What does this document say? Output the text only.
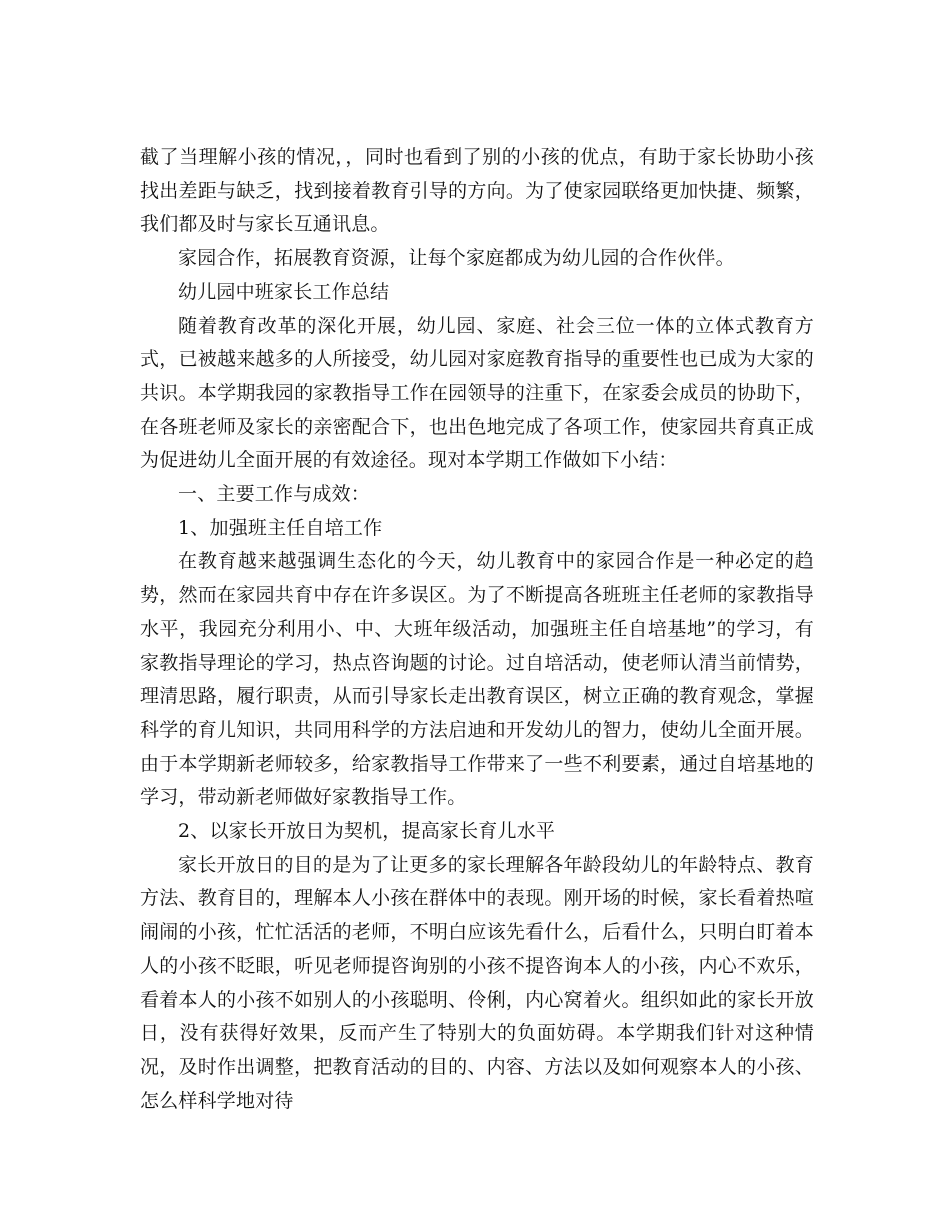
截了当理解小孩的情况，，同时也看到了别的小孩的优点，有助于家长协助小孩找出差距与缺乏，找到接着教育引导的方向。为了使家园联络更加快捷、频繁，我们都及时与家长互通讯息。

家园合作，拓展教育资源，让每个家庭都成为幼儿园的合作伙伴。

幼儿园中班家长工作总结

随着教育改革的深化开展，幼儿园、家庭、社会三位一体的立体式教育方式，已被越来越多的人所接受，幼儿园对家庭教育指导的重要性也已成为大家的共识。本学期我园的家教指导工作在园领导的注重下，在家委会成员的协助下，在各班老师及家长的亲密配合下，也出色地完成了各项工作，使家园共育真正成为促进幼儿全面开展的有效途径。现对本学期工作做如下小结：

一、主要工作与成效：

1、加强班主任自培工作

在教育越来越强调生态化的今天，幼儿教育中的家园合作是一种必定的趋势，然而在家园共育中存在许多误区。为了不断提高各班班主任老师的家教指导水平，我园充分利用小、中、大班年级活动，加强班主任自培基地”的学习，有家教指导理论的学习，热点咨询题的讨论。过自培活动，使老师认清当前情势，理清思路，履行职责，从而引导家长走出教育误区，树立正确的教育观念，掌握科学的育儿知识，共同用科学的方法启迪和开发幼儿的智力，使幼儿全面开展。由于本学期新老师较多，给家教指导工作带来了一些不利要素，通过自培基地的学习，带动新老师做好家教指导工作。

2、以家长开放日为契机，提高家长育儿水平

家长开放日的目的是为了让更多的家长理解各年龄段幼儿的年龄特点、教育方法、教育目的，理解本人小孩在群体中的表现。刚开场的时候，家长看着热喧闹闹的小孩，忙忙活活的老师，不明白应该先看什么，后看什么，只明白盯着本人的小孩不眨眼，听见老师提咨询别的小孩不提咨询本人的小孩，内心不欢乐，看着本人的小孩不如别人的小孩聪明、伶俐，内心窝着火。组织如此的家长开放日，没有获得好效果，反而产生了特别大的负面妨碍。本学期我们针对这种情况，及时作出调整，把教育活动的目的、内容、方法以及如何观察本人的小孩、怎么样科学地对待
